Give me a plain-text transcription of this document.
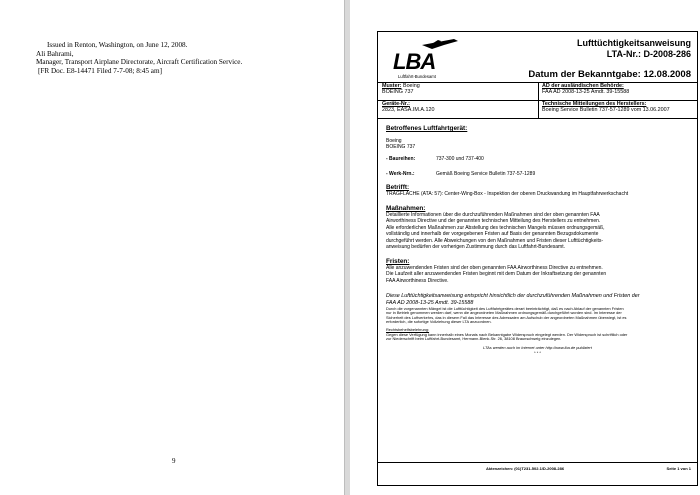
Issued in Renton, Washington, on June 12, 2008.
Ali Bahrami,
Manager, Transport Airplane Directorate, Aircraft Certification Service.
[FR Doc. E8-14471 Filed 7-7-08; 8:45 am]
9
LBA
Luftfahrt-Bundesamt
Lufttüchtigkeitsanweisung
LTA-Nr.: D-2008-286
Datum der Bekanntgabe: 12.08.2008
Muster: Boeing
BOEING 737
AD der ausländischen Behörde:
FAA AD 2008-13-25 Amdt. 39-15588
Geräte-Nr.:
2823, EASA.IM.A.120
Technische Mitteilungen des Herstellers:
Boeing Service Bulletin 737-57-1289 vom 13.06.2007
Betroffenes Luftfahrtgerät:
Boeing
BOEING 737
- Baureihen:	737-300 und 737-400
- Werk-Nrn.:	Gemäß Boeing Service Bulletin 737-57-1289
Betrifft:
TRAGFLÄCHE (ATA: 57): Center-Wing-Box - Inspektion der oberen Druckwandung im Hauptfahrwerkschacht
Maßnahmen:
Detaillierte Informationen über die durchzuführenden Maßnahmen sind der oben genannten FAA
Airworthiness Directive und der genannten technischen Mitteilung des Herstellers zu entnehmen.
Alle erforderlichen Maßnahmen zur Abstellung des technischen Mangels müssen ordnungsgemäß,
vollständig und innerhalb der vorgegebenen Fristen auf Basis der genannten Bezugsdokumente
durchgeführt werden. Alle Abweichungen von den Maßnahmen und Fristen dieser Lufttüchtigkeits-
anweisung bedürfen der vorherigen Zustimmung durch das Luftfahrt-Bundesamt.
Fristen:
Alle anzuwendenden Fristen sind der oben genannten FAA Airworthiness Directive zu entnehmen.
Die Laufzeit aller anzuwendenden Fristen beginnt mit dem Datum der Inkraftsetzung der genannten
FAA Airworthiness Directive.
Diese Lufttüchtigkeitsanweisung entspricht hinsichtlich der durchzuführenden Maßnahmen und Fristen der
FAA AD 2008-13-25 Amdt. 39-15588
Durch die vorgenannten Mängel ist die Lufttüchtigkeit des Luftfahrtgerätes derart beeinträchtigt, daß es nach Ablauf der genannten Fristen
nur in Betrieb genommen werden darf, wenn die angeordneten Maßnahmen ordnungsgemäß durchgeführt worden sind. Im Interesse der
Sicherheit des Luftverkehrs, das in diesem Fall das Interesse des Adressaten am Aufschub der angeordneten Maßnahmen überwiegt, ist es
erforderlich, die sofortige Vollziehung dieser LTA anzuordnen.
Rechtsbehelfsbelehrung:
Gegen diese Verfügung kann innerhalb eines Monats nach Bekanntgabe Widerspruch eingelegt werden. Der Widerspruch ist schriftlich oder
zur Niederschrift beim Luftfahrt-Bundesamt, Hermann-Blenk-Str. 26, 38108 Braunschweig einzulegen.
LTAs werden auch im Internet unter http://www.lba.de publiziert
* * *
Aktenzeichen: (01)T231-502.1/D-2008-286	Seite 1 von 1
